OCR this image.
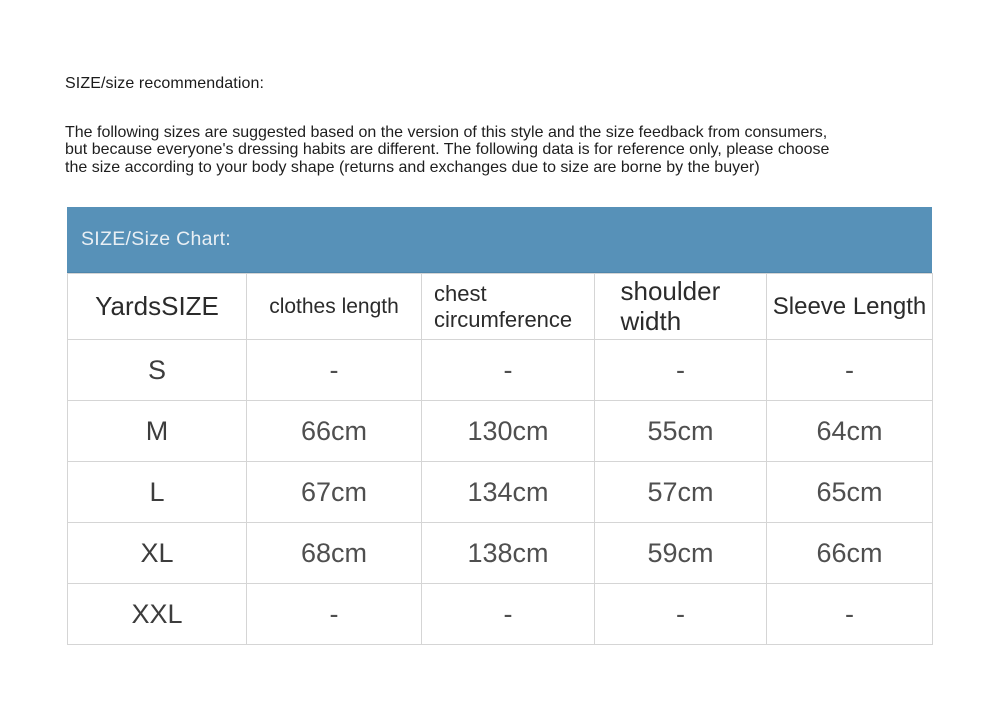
SIZE/size recommendation:
The following sizes are suggested based on the version of this style and the size feedback from consumers,
but because everyone's dressing habits are different. The following data is for reference only, please choose
the size according to your body shape (returns and exchanges due to size are borne by the buyer)
SIZE/Size Chart:
YardsSIZE	clothes length	chest circumference	shoulder width	Sleeve Length
S	-	-	-	-
M	66cm	130cm	55cm	64cm
L	67cm	134cm	57cm	65cm
XL	68cm	138cm	59cm	66cm
XXL	-	-	-	-
